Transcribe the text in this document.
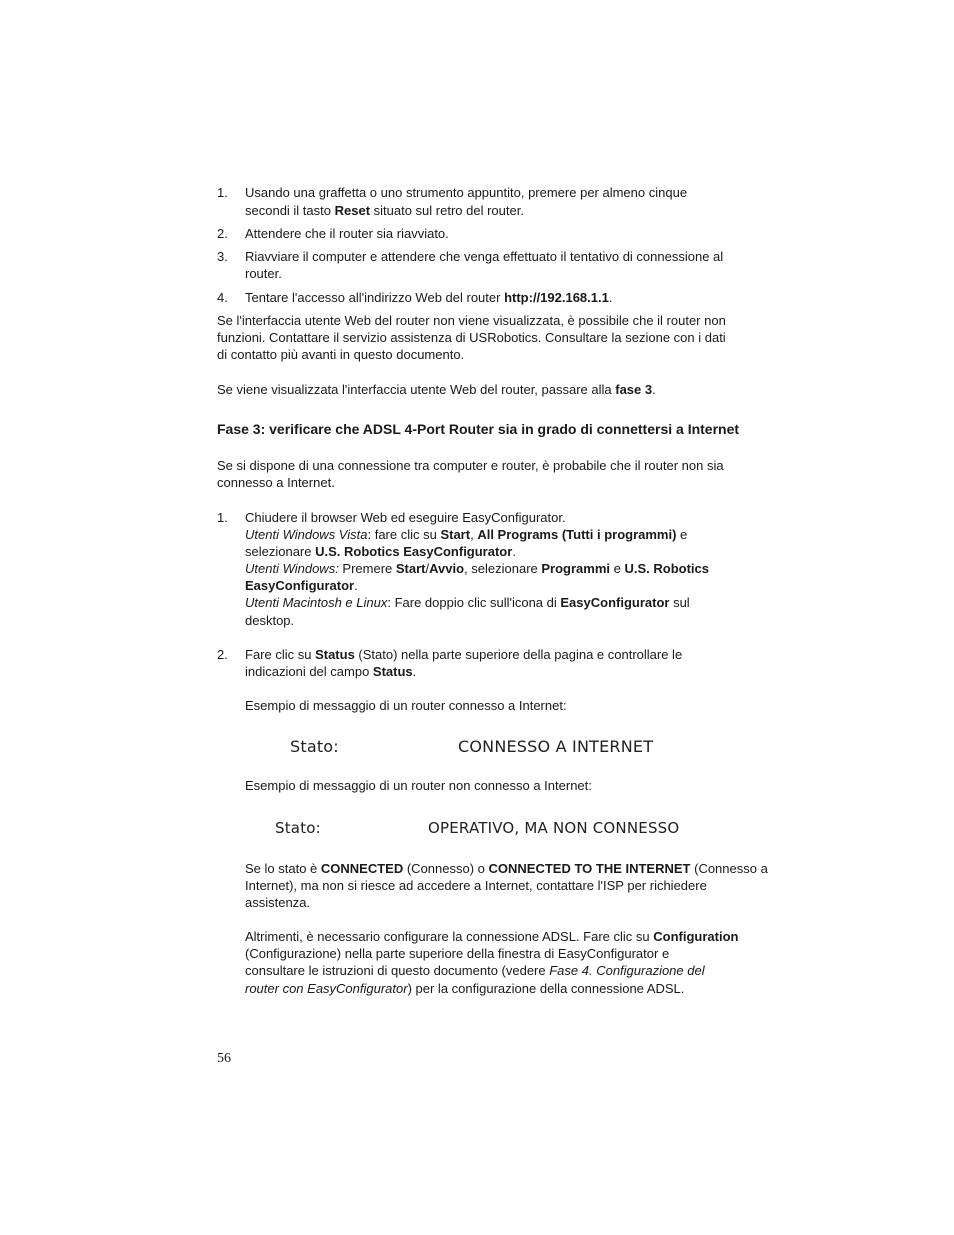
1. Usando una graffetta o uno strumento appuntito, premere per almeno cinque
secondi il tasto Reset situato sul retro del router.
2. Attendere che il router sia riavviato.
3. Riavviare il computer e attendere che venga effettuato il tentativo di connessione al
router.
4. Tentare l'accesso all'indirizzo Web del router http://192.168.1.1.
Se l'interfaccia utente Web del router non viene visualizzata, è possibile che il router non
funzioni. Contattare il servizio assistenza di USRobotics. Consultare la sezione con i dati
di contatto più avanti in questo documento.
Se viene visualizzata l'interfaccia utente Web del router, passare alla fase 3.
Fase 3: verificare che ADSL 4-Port Router sia in grado di connettersi a Internet
Se si dispone di una connessione tra computer e router, è probabile che il router non sia
connesso a Internet.
1. Chiudere il browser Web ed eseguire EasyConfigurator.
Utenti Windows Vista: fare clic su Start, All Programs (Tutti i programmi) e
selezionare U.S. Robotics EasyConfigurator.
Utenti Windows: Premere Start/Avvio, selezionare Programmi e U.S. Robotics
EasyConfigurator.
Utenti Macintosh e Linux: Fare doppio clic sull'icona di EasyConfigurator sul
desktop.
2. Fare clic su Status (Stato) nella parte superiore della pagina e controllare le
indicazioni del campo Status.
Esempio di messaggio di un router connesso a Internet:
Stato:	CONNESSO A INTERNET
Esempio di messaggio di un router non connesso a Internet:
Stato:	OPERATIVO, MA NON CONNESSO
Se lo stato è CONNECTED (Connesso) o CONNECTED TO THE INTERNET (Connesso a
Internet), ma non si riesce ad accedere a Internet, contattare l'ISP per richiedere
assistenza.
Altrimenti, è necessario configurare la connessione ADSL. Fare clic su Configuration
(Configurazione) nella parte superiore della finestra di EasyConfigurator e
consultare le istruzioni di questo documento (vedere Fase 4. Configurazione del
router con EasyConfigurator) per la configurazione della connessione ADSL.
56
